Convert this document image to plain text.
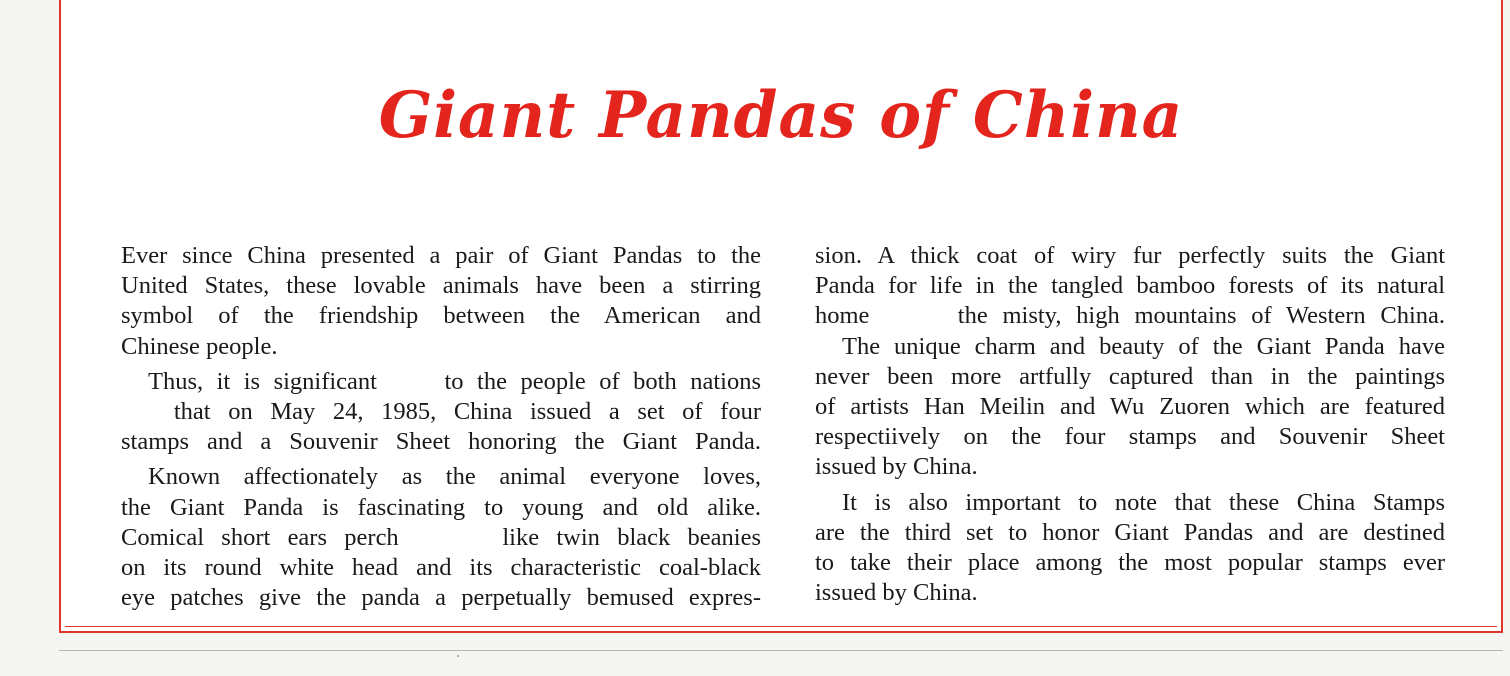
Giant Pandas of China
Ever since China presented a pair of Giant Pandas to the
United States, these lovable animals have been a stirring
symbol of the friendship between the American and
Chinese people.
Thus, it is significant     to the people of both nations
that on May 24, 1985, China issued a set of four
stamps and a Souvenir Sheet honoring the Giant Panda.
Known affectionately as the animal everyone loves,
the Giant Panda is fascinating to young and old alike.
Comical short ears perch      like twin black beanies
on its round white head and its characteristic coal-black
eye patches give the panda a perpetually bemused expres-
sion. A thick coat of wiry fur perfectly suits the Giant
Panda for life in the tangled bamboo forests of its natural
home      the misty, high mountains of Western China.
The unique charm and beauty of the Giant Panda have
never been more artfully captured than in the paintings
of artists Han Meilin and Wu Zuoren which are featured
respectiively on the four stamps and Souvenir Sheet
issued by China.
It is also important to note that these China Stamps
are the third set to honor Giant Pandas and are destined
to take their place among the most popular stamps ever
issued by China.
